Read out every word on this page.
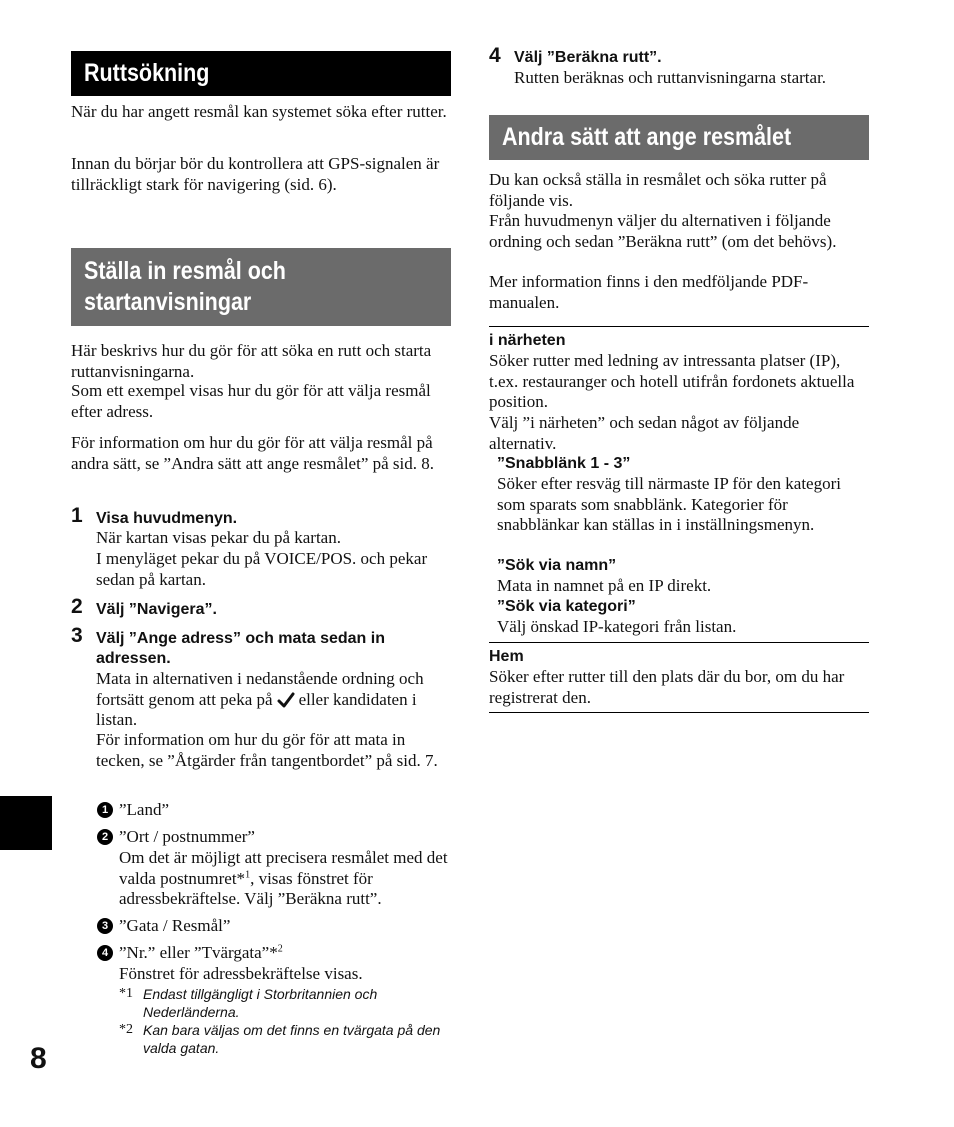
Ruttsökning

När du har angett resmål kan systemet söka efter rutter.

Innan du börjar bör du kontrollera att GPS-signalen är tillräckligt stark för navigering (sid. 6).

Ställa in resmål och
startanvisningar

Här beskrivs hur du gör för att söka en rutt och starta ruttanvisningarna.

Som ett exempel visas hur du gör för att välja resmål efter adress.

För information om hur du gör för att välja resmål på andra sätt, se ”Andra sätt att ange resmålet” på sid. 8.

1 Visa huvudmenyn.

När kartan visas pekar du på kartan.

I menyläget pekar du på VOICE/POS. och pekar sedan på kartan.

2 Välj ”Navigera”.

3 Välj ”Ange adress” och mata sedan in adressen.

Mata in alternativen i nedanstående ordning och fortsätt genom att peka på eller kandidaten i listan.

För information om hur du gör för att mata in tecken, se ”Åtgärder från tangentbordet” på sid. 7.

1 ”Land”

2 ”Ort / postnummer”

Om det är möjligt att precisera resmålet med det valda postnumret*$^1$, visas fönstret för adressbekräftelse. Välj ”Beräkna rutt”.

3 ”Gata / Resmål”

4 ”Nr.” eller ”Tvärgata”*$^2$

Fönstret för adressbekräftelse visas.

*1 Endast tillgängligt i Storbritannien och Nederländerna.
*2 Kan bara väljas om det finns en tvärgata på den valda gatan.
4 Välj ”Beräkna rutt”.

Rutten beräknas och ruttanvisningarna startar.

Andra sätt att ange resmålet

Du kan också ställa in resmålet och söka rutter på följande vis.

Från huvudmenyn väljer du alternativen i följande ordning och sedan ”Beräkna rutt” (om det behövs).

Mer information finns i den medföljande PDF-manualen.

i närheten

Söker rutter med ledning av intressanta platser (IP), t.ex. restauranger och hotell utifrån fordonets aktuella position.

Välj ”i närheten” och sedan något av följande alternativ.

”Snabblänk 1 - 3”

Söker efter resväg till närmaste IP för den kategori som sparats som snabblänk. Kategorier för snabblänkar kan ställas in i inställningsmenyn.

”Sök via namn”

Mata in namnet på en IP direkt.

”Sök via kategori”

Välj önskad IP-kategori från listan.

Hem

Söker efter rutter till den plats där du bor, om du har registrerat den.

8
